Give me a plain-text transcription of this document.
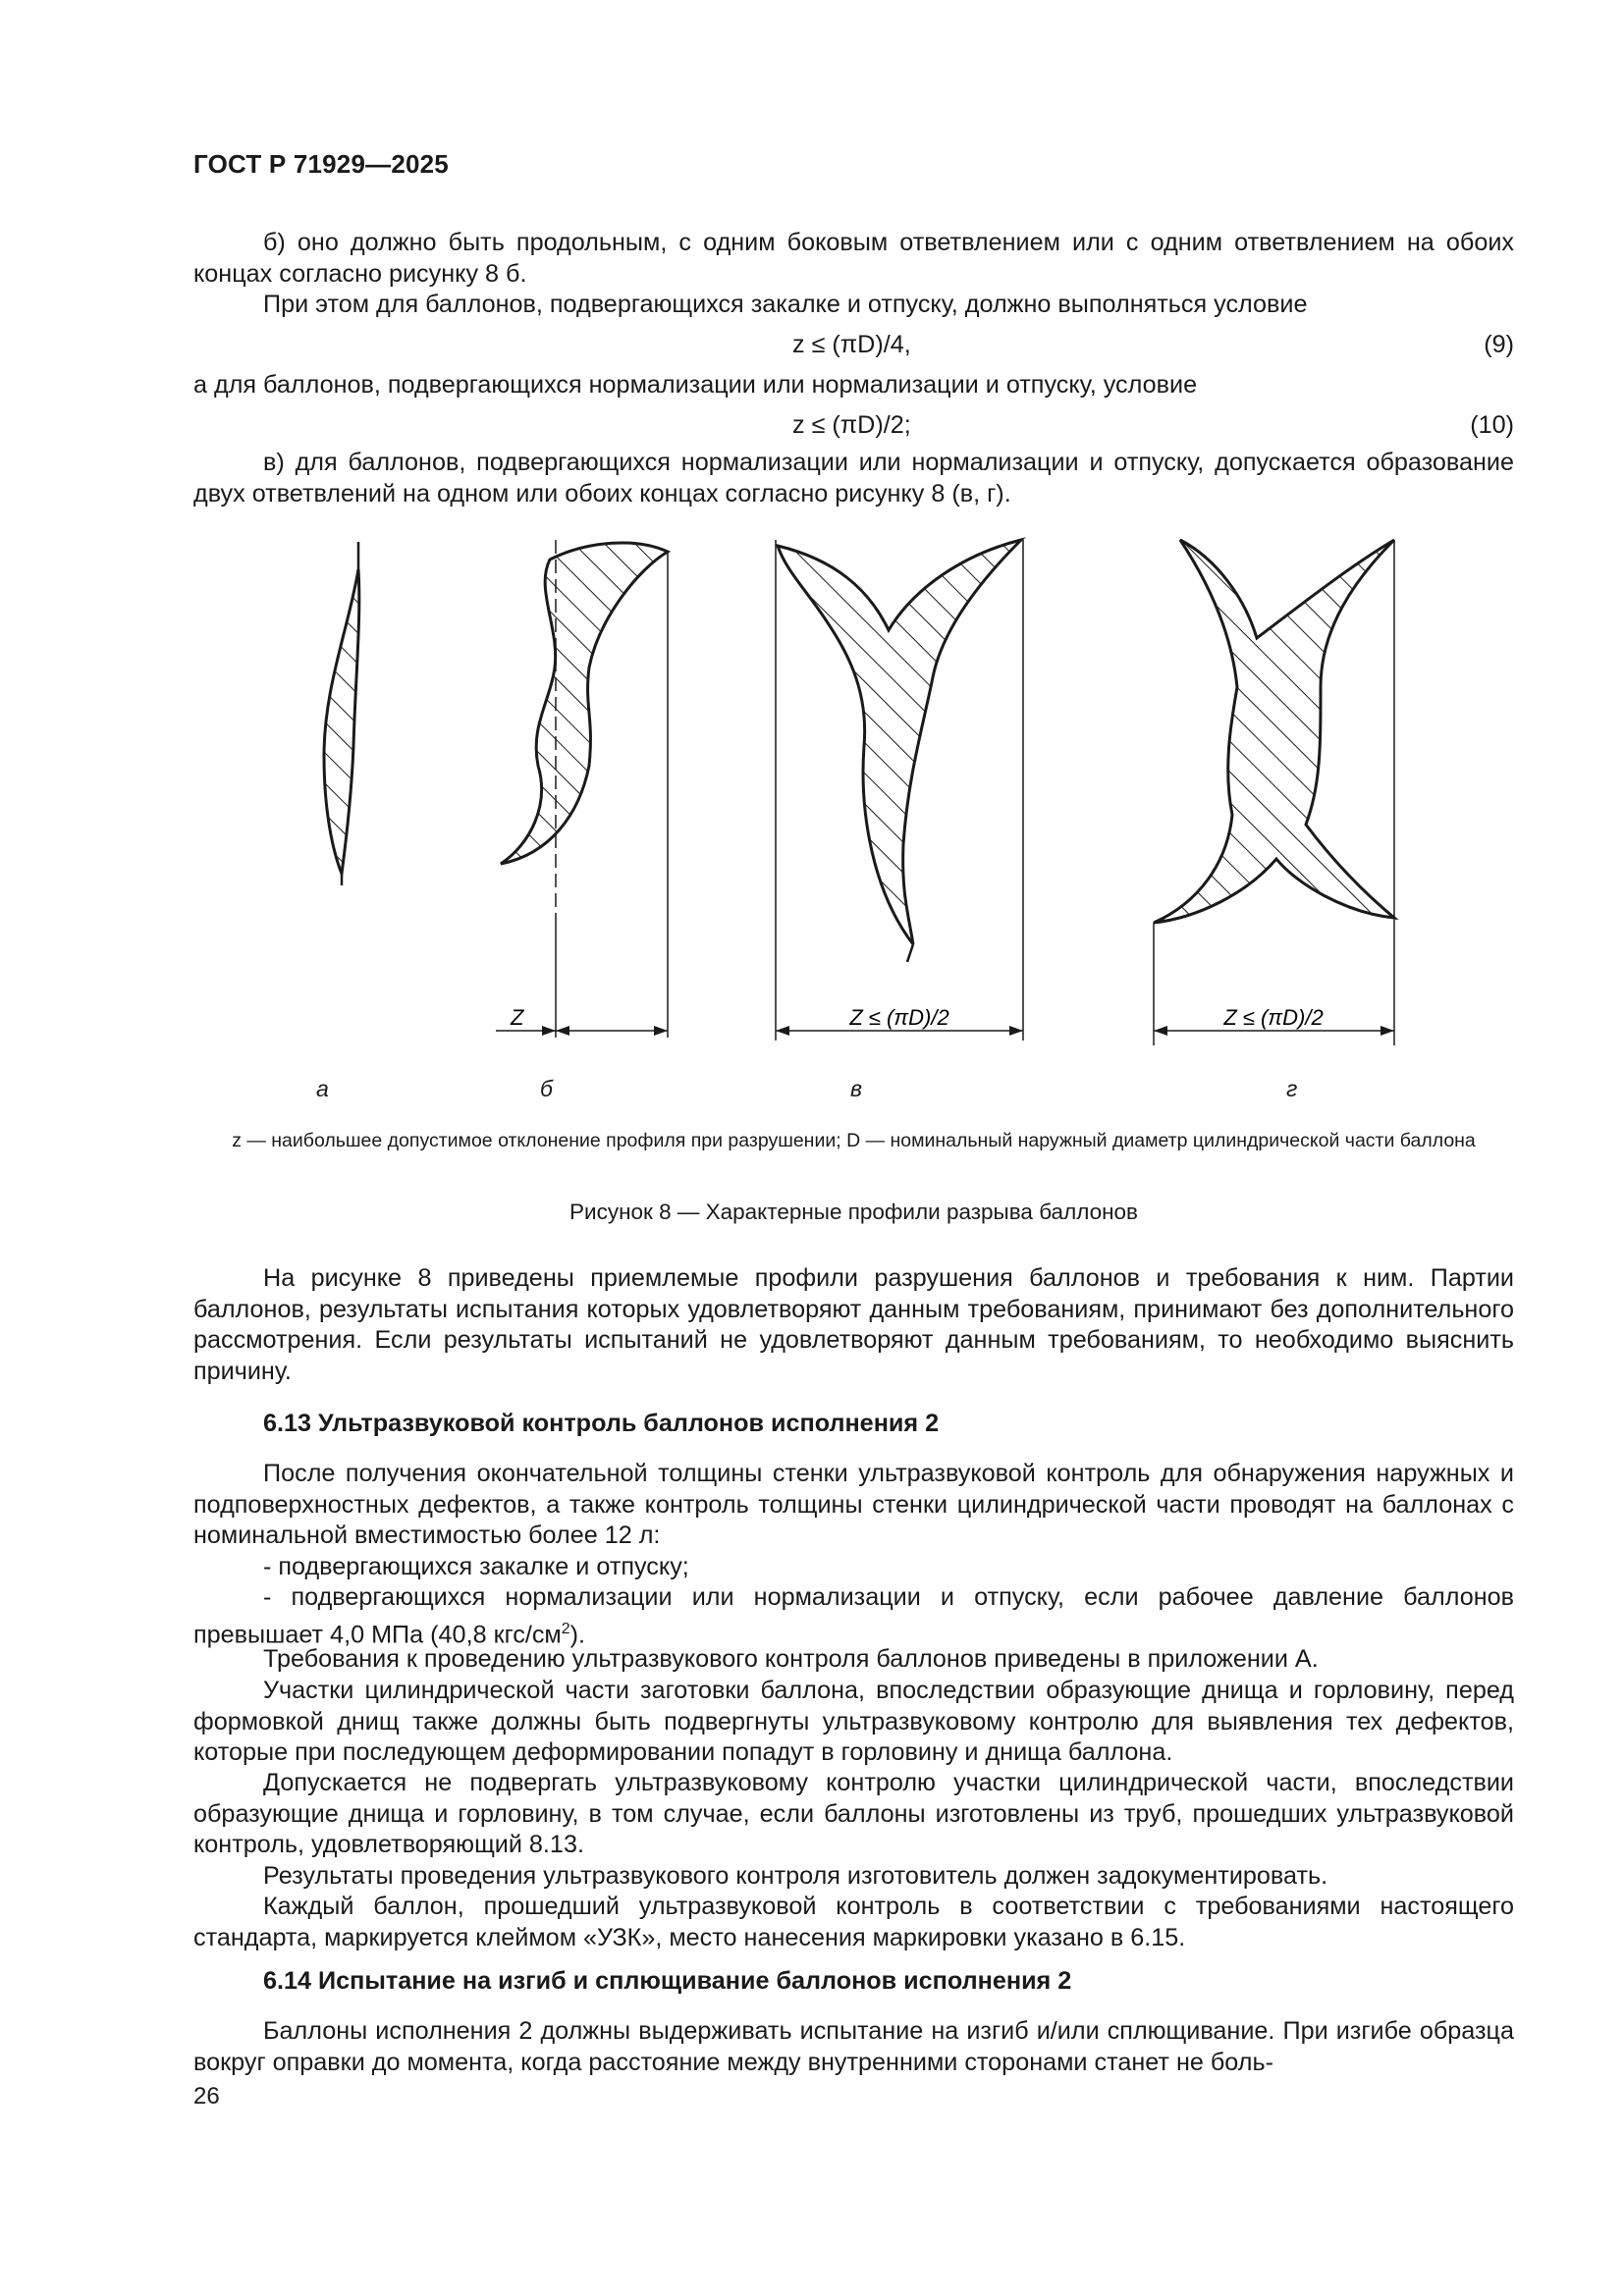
ГОСТ Р 71929—2025

б) оно должно быть продольным, с одним боковым ответвлением или с одним ответвлением на обоих концах согласно рисунку 8 б.

При этом для баллонов, подвергающихся закалке и отпуску, должно выполняться условие

z ≤ (πD)/4,	(9)

а для баллонов, подвергающихся нормализации или нормализации и отпуску, условие

z ≤ (πD)/2;	(10)

в) для баллонов, подвергающихся нормализации или нормализации и отпуску, допускается образование двух ответвлений на одном или обоих концах согласно рисунку 8 (в, г).

Z	Z ≤ (πD)/2	Z ≤ (πD)/2
а	б	в	г
z — наибольшее допустимое отклонение профиля при разрушении; D — номинальный наружный диаметр цилиндрической части баллона
Рисунок 8 — Характерные профили разрыва баллонов

На рисунке 8 приведены приемлемые профили разрушения баллонов и требования к ним. Партии баллонов, результаты испытания которых удовлетворяют данным требованиям, принимают без дополнительного рассмотрения. Если результаты испытаний не удовлетворяют данным требованиям, то необходимо выяснить причину.

6.13 Ультразвуковой контроль баллонов исполнения 2

После получения окончательной толщины стенки ультразвуковой контроль для обнаружения наружных и подповерхностных дефектов, а также контроль толщины стенки цилиндрической части проводят на баллонах с номинальной вместимостью более 12 л:

- подвергающихся закалке и отпуску;

- подвергающихся нормализации или нормализации и отпуску, если рабочее давление баллонов превышает 4,0 МПа (40,8 кгс/$см^2$).

Требования к проведению ультразвукового контроля баллонов приведены в приложении А.

Участки цилиндрической части заготовки баллона, впоследствии образующие днища и горловину, перед формовкой днищ также должны быть подвергнуты ультразвуковому контролю для выявления тех дефектов, которые при последующем деформировании попадут в горловину и днища баллона.

Допускается не подвергать ультразвуковому контролю участки цилиндрической части, впоследствии образующие днища и горловину, в том случае, если баллоны изготовлены из труб, прошедших ультразвуковой контроль, удовлетворяющий 8.13.

Результаты проведения ультразвукового контроля изготовитель должен задокументировать.

Каждый баллон, прошедший ультразвуковой контроль в соответствии с требованиями настоящего стандарта, маркируется клеймом «УЗК», место нанесения маркировки указано в 6.15.

6.14 Испытание на изгиб и сплющивание баллонов исполнения 2

Баллоны исполнения 2 должны выдерживать испытание на изгиб и/или сплющивание. При изгибе образца вокруг оправки до момента, когда расстояние между внутренними сторонами станет не боль-

26
